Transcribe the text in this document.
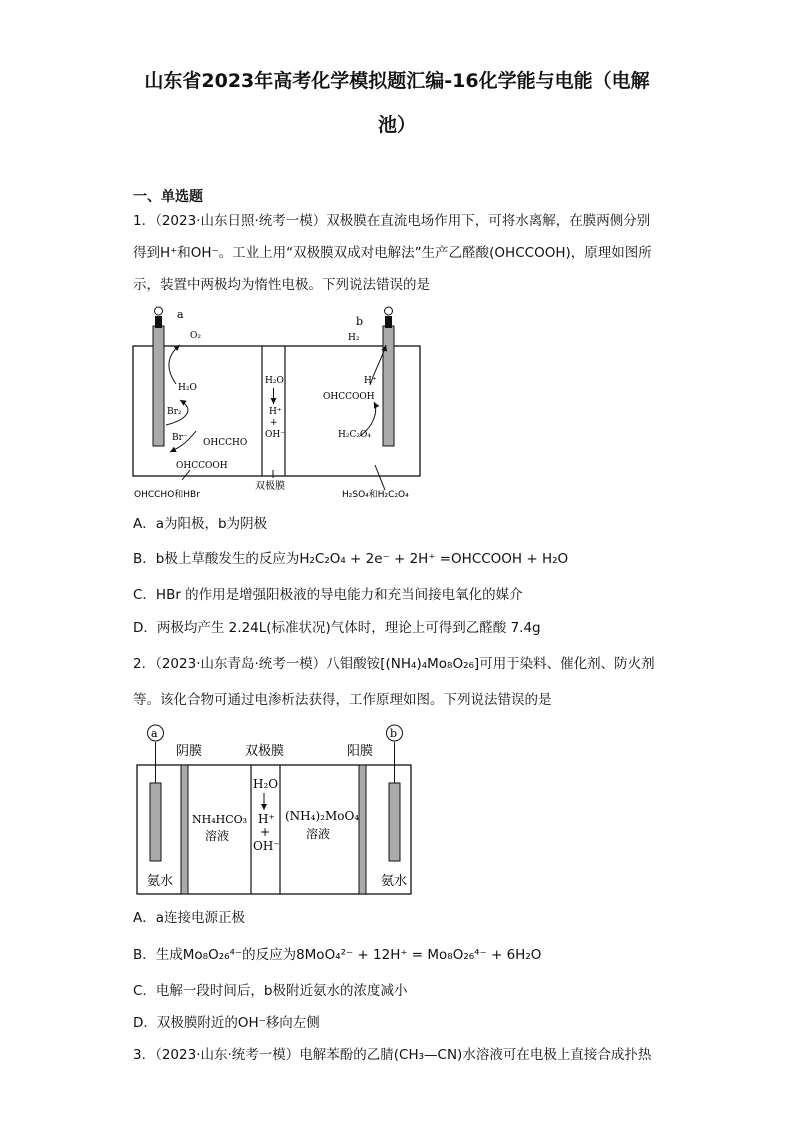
山东省2023年高考化学模拟题汇编-16化学能与电能（电解
池）
一、单选题
1．（2023·山东日照·统考一模）双极膜在直流电场作用下，可将水离解，在膜两侧分别
得到H⁺和OH⁻。工业上用“双极膜双成对电解法”生产乙醛酸(OHCCOOH)，原理如图所
示，装置中两极均为惰性电极。下列说法错误的是
a
O₂
H₂O
Br₂
Br⁻ OHCCHO
OHCCOOH
OHCCHO和HBr
H₂O
H⁺
+
OH⁻
双极膜
b
H₂
H⁺
OHCCOOH
H₂C₂O₄
H₂SO₄和H₂C₂O₄
A．a为阳极，b为阴极
B．b极上草酸发生的反应为H₂C₂O₄ + 2e⁻ + 2H⁺ =OHCCOOH + H₂O
C．HBr 的作用是增强阳极液的导电能力和充当间接电氧化的媒介
D．两极均产生 2.24L(标准状况)气体时，理论上可得到乙醛酸 7.4g
2．（2023·山东青岛·统考一模）八钼酸铵[(NH₄)₄Mo₈O₂₆]可用于染料、催化剂、防火剂
等。该化合物可通过电渗析法获得，工作原理如图。下列说法错误的是
a	b
阴膜	双极膜	阳膜
NH₄HCO₃
溶液
(NH₄)₂MoO₄
溶液
H₂O
H⁺
+
OH⁻
氨水	氨水
A．a连接电源正极
B．生成Mo₈O₂₆⁴⁻的反应为8MoO₄²⁻ + 12H⁺ = Mo₈O₂₆⁴⁻ + 6H₂O
C．电解一段时间后，b极附近氨水的浓度减小
D．双极膜附近的OH⁻移向左侧
3．（2023·山东·统考一模）电解苯酚的乙腈(CH₃—CN)水溶液可在电极上直接合成扑热
